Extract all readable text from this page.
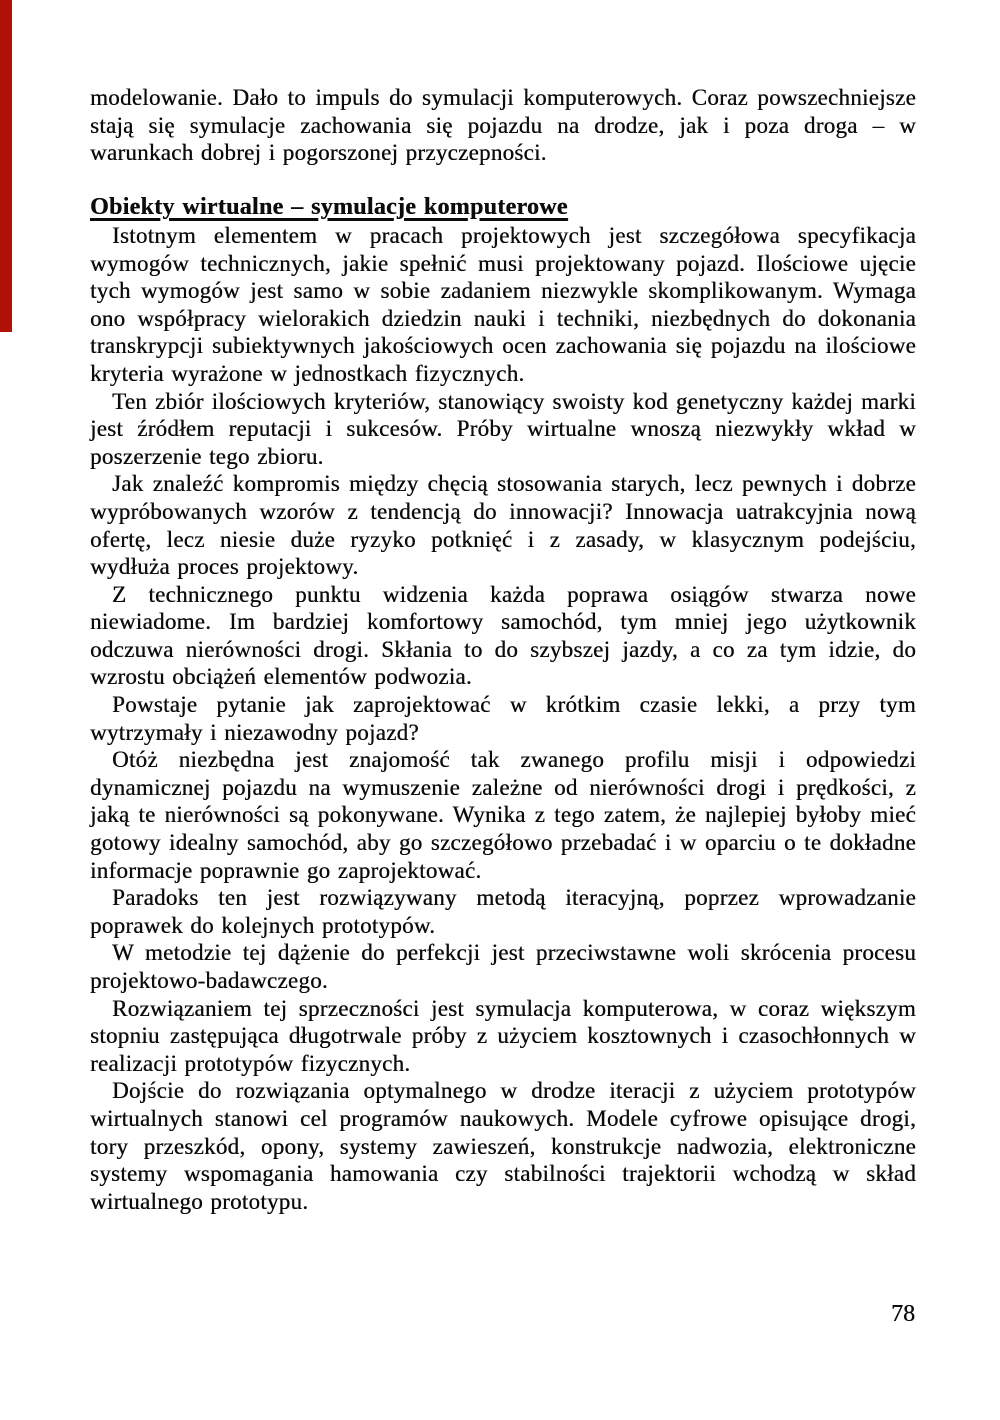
modelowanie. Dało to impuls do symulacji komputerowych. Coraz powszechniejsze stają się symulacje zachowania się pojazdu na drodze, jak i poza droga – w warunkach dobrej i pogorszonej przyczepności.

Obiekty wirtualne – symulacje komputerowe

Istotnym elementem w pracach projektowych jest szczegółowa specyfikacja wymogów technicznych, jakie spełnić musi projektowany pojazd. Ilościowe ujęcie tych wymogów jest samo w sobie zadaniem niezwykle skomplikowanym. Wymaga ono współpracy wielorakich dziedzin nauki i techniki, niezbędnych do dokonania transkrypcji subiektywnych jakościowych ocen zachowania się pojazdu na ilościowe kryteria wyrażone w jednostkach fizycznych.

Ten zbiór ilościowych kryteriów, stanowiący swoisty kod genetyczny każdej marki jest źródłem reputacji i sukcesów. Próby wirtualne wnoszą niezwykły wkład w poszerzenie tego zbioru.

Jak znaleźć kompromis między chęcią stosowania starych, lecz pewnych i dobrze wypróbowanych wzorów z tendencją do innowacji? Innowacja uatrakcyjnia nową ofertę, lecz niesie duże ryzyko potknięć i z zasady, w klasycznym podejściu, wydłuża proces projektowy.

Z technicznego punktu widzenia każda poprawa osiągów stwarza nowe niewiadome. Im bardziej komfortowy samochód, tym mniej jego użytkownik odczuwa nierówności drogi. Skłania to do szybszej jazdy, a co za tym idzie, do wzrostu obciążeń elementów podwozia.

Powstaje pytanie jak zaprojektować w krótkim czasie lekki, a przy tym wytrzymały i niezawodny pojazd?

Otóż niezbędna jest znajomość tak zwanego profilu misji i odpowiedzi dynamicznej pojazdu na wymuszenie zależne od nierówności drogi i prędkości, z jaką te nierówności są pokonywane. Wynika z tego zatem, że najlepiej byłoby mieć gotowy idealny samochód, aby go szczegółowo przebadać i w oparciu o te dokładne informacje poprawnie go zaprojektować.

Paradoks ten jest rozwiązywany metodą iteracyjną, poprzez wprowadzanie poprawek do kolejnych prototypów.

W metodzie tej dążenie do perfekcji jest przeciwstawne woli skrócenia procesu projektowo-badawczego.

Rozwiązaniem tej sprzeczności jest symulacja komputerowa, w coraz większym stopniu zastępująca długotrwale próby z użyciem kosztownych i czasochłonnych w realizacji prototypów fizycznych.

Dojście do rozwiązania optymalnego w drodze iteracji z użyciem prototypów wirtualnych stanowi cel programów naukowych. Modele cyfrowe opisujące drogi, tory przeszkód, opony, systemy zawieszeń, konstrukcje nadwozia, elektroniczne systemy wspomagania hamowania czy stabilności trajektorii wchodzą w skład wirtualnego prototypu.

78
